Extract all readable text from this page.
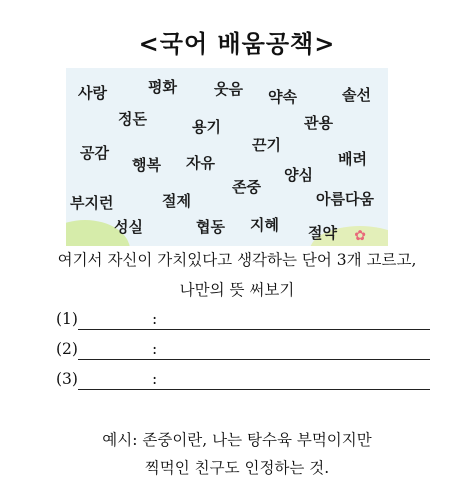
<국어 배움공책>
✿
사랑	평화 웃음 약속	솔선
정돈	용기	관용
공감	끈기
행복 자유	배려
양심
존중
부지런	절제	아름다움
성실	협동 지혜 절약
여기서 자신이 가치있다고 생각하는 단어 3개 고르고,
나만의 뜻 써보기
(1)	:
(2)	:
(3)	:
예시: 존중이란, 나는 탕수육 부먹이지만
찍먹인 친구도 인정하는 것.
